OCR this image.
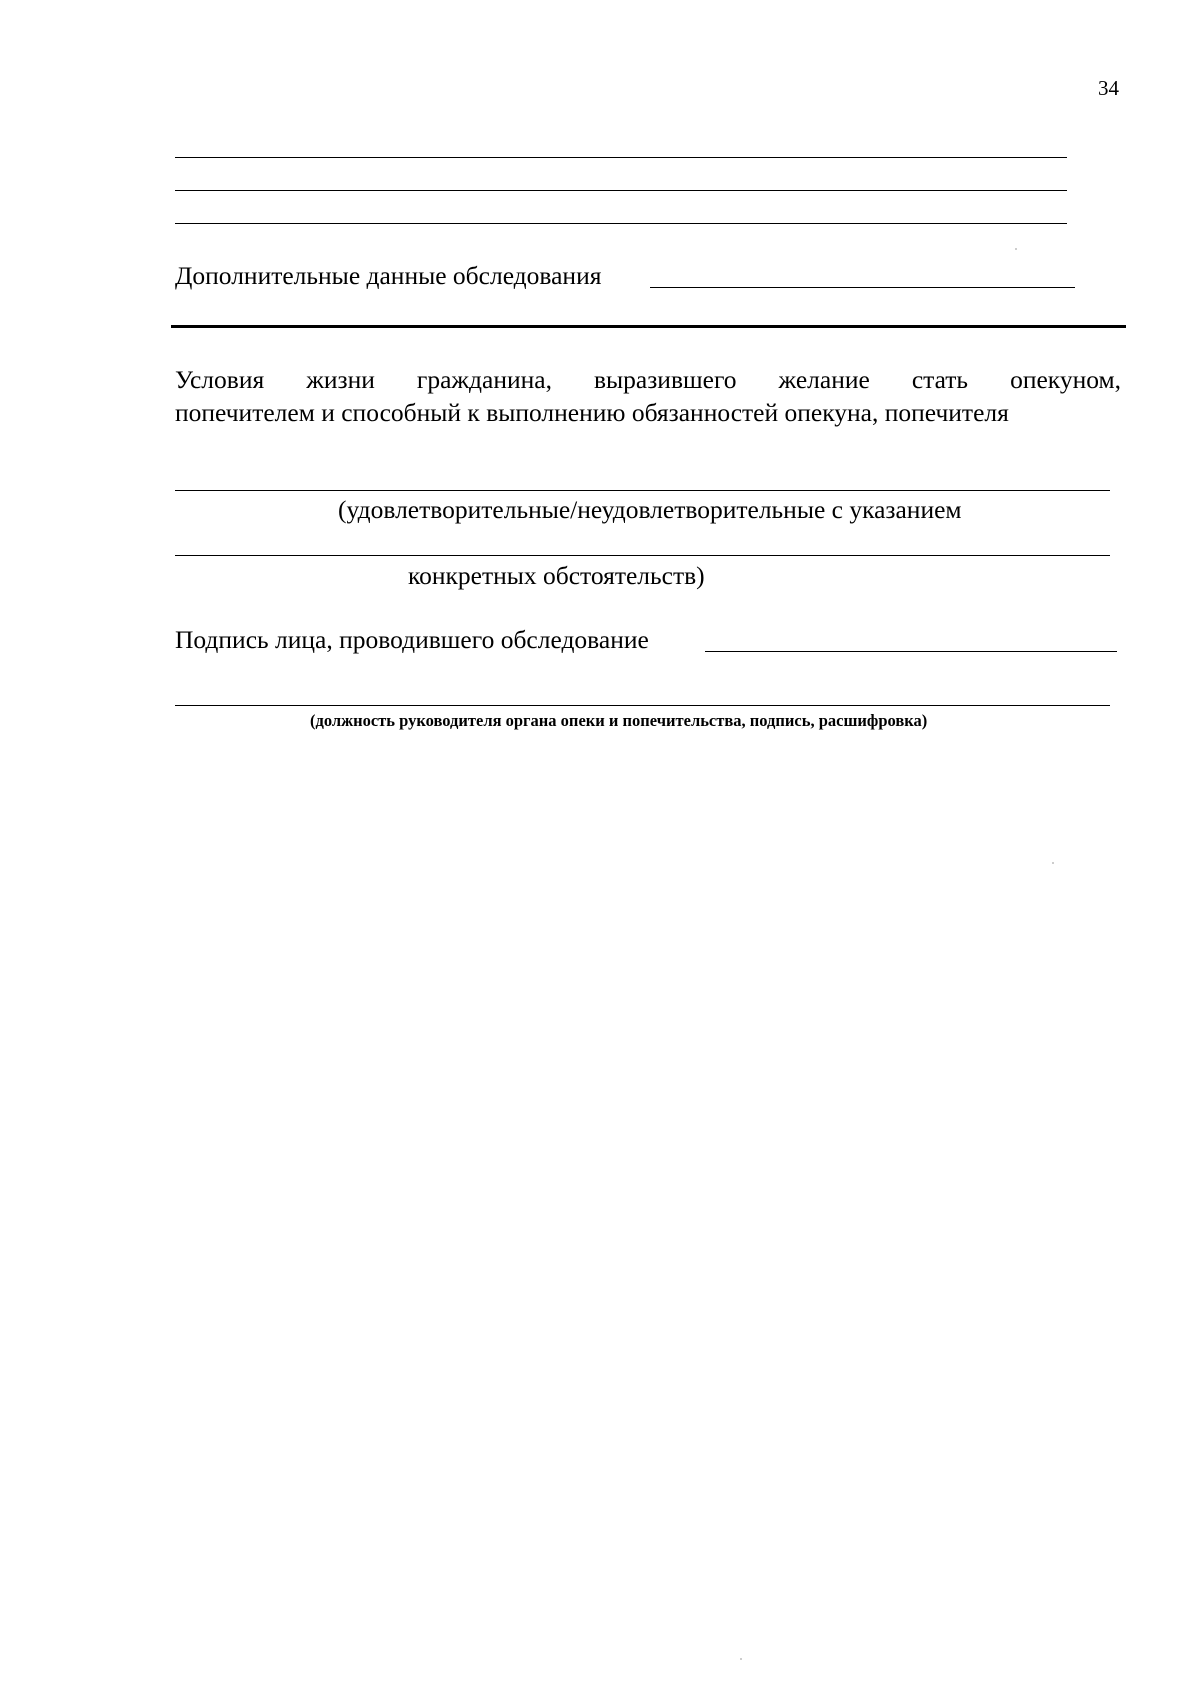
34
Дополнительные данные обследования
Условия жизни гражданина, выразившего желание стать опекуном,
попечителем и способный к выполнению обязанностей опекуна, попечителя
(удовлетворительные/неудовлетворительные с указанием
конкретных обстоятельств)
Подпись лица, проводившего обследование
(должность руководителя органа опеки и попечительства, подпись, расшифровка)
